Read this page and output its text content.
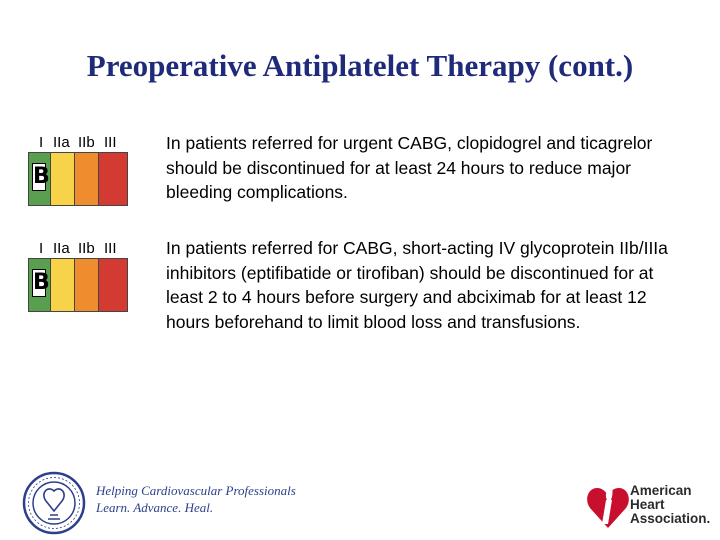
Preoperative Antiplatelet Therapy (cont.)
I IIa IIb III
B
In patients referred for urgent CABG, clopidogrel and ticagrelor should be discontinued for at least 24 hours to reduce major bleeding complications.
I IIa IIb III
B
In patients referred for CABG, short-acting IV glycoprotein IIb/IIIa inhibitors (eptifibatide or tirofiban) should be discontinued for at least 2 to 4 hours before surgery and abciximab for at least 12 hours beforehand to limit blood loss and transfusions.
Helping Cardiovascular Professionals
Learn. Advance. Heal.
American
Heart
Association.
